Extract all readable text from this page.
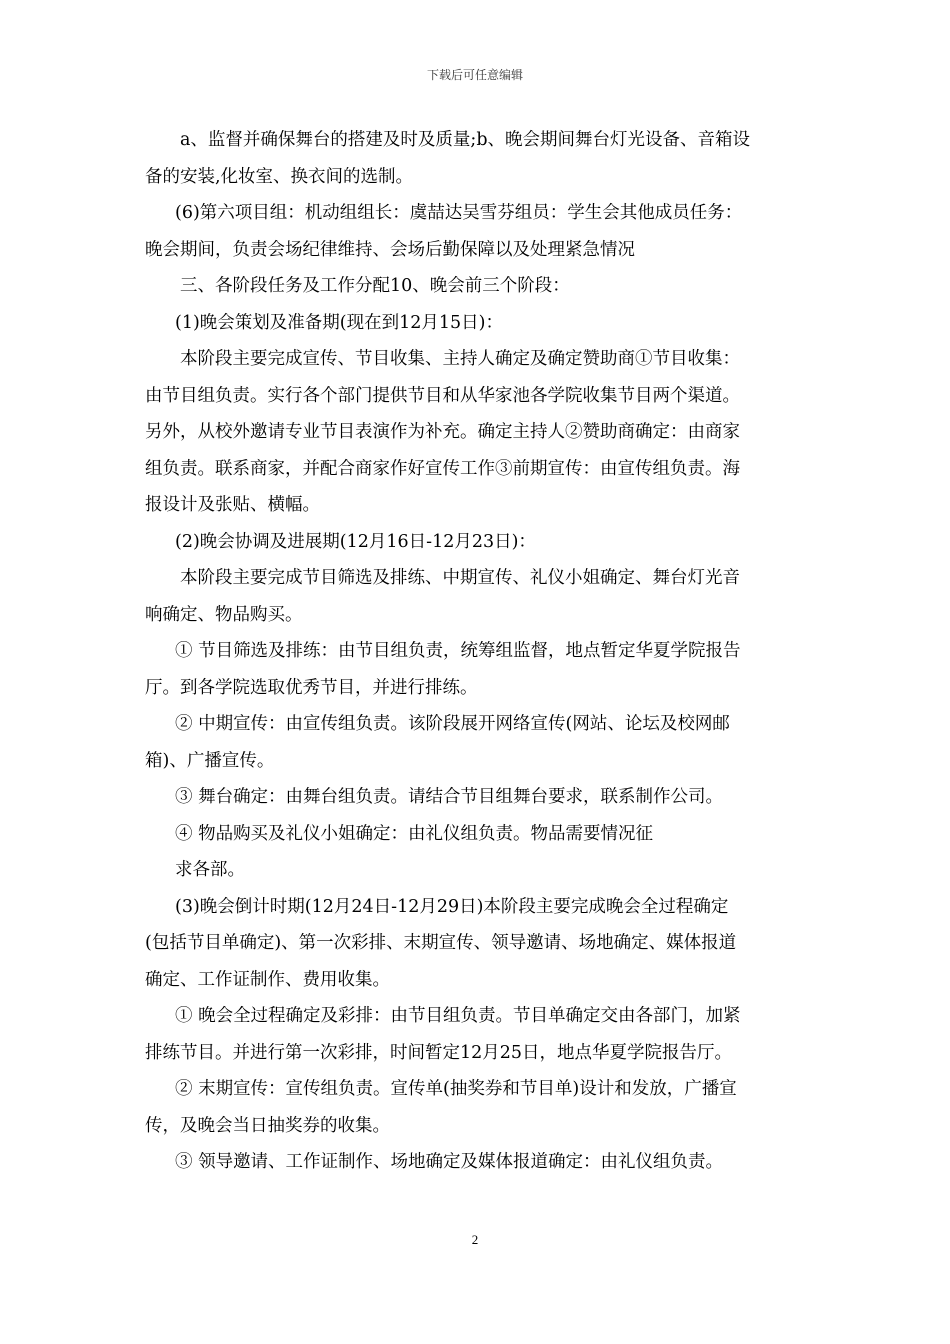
下载后可任意编辑
a、监督并确保舞台的搭建及时及质量;b、晚会期间舞台灯光设备、音箱设
备的安装,化妆室、换衣间的选制。
(6)第六项目组：机动组组长：虞喆达吴雪芬组员：学生会其他成员任务：
晚会期间，负责会场纪律维持、会场后勤保障以及处理紧急情况
三、各阶段任务及工作分配10、晚会前三个阶段：
(1)晚会策划及准备期(现在到12月15日)：
本阶段主要完成宣传、节目收集、主持人确定及确定赞助商①节目收集：
由节目组负责。实行各个部门提供节目和从华家池各学院收集节目两个渠道。
另外，从校外邀请专业节目表演作为补充。确定主持人②赞助商确定：由商家
组负责。联系商家，并配合商家作好宣传工作③前期宣传：由宣传组负责。海
报设计及张贴、横幅。
(2)晚会协调及进展期(12月16日-12月23日)：
本阶段主要完成节目筛选及排练、中期宣传、礼仪小姐确定、舞台灯光音
响确定、物品购买。
① 节目筛选及排练：由节目组负责，统筹组监督，地点暂定华夏学院报告
厅。到各学院选取优秀节目，并进行排练。
② 中期宣传：由宣传组负责。该阶段展开网络宣传(网站、论坛及校网邮
箱)、广播宣传。
③ 舞台确定：由舞台组负责。请结合节目组舞台要求，联系制作公司。
④ 物品购买及礼仪小姐确定：由礼仪组负责。物品需要情况征
求各部。
(3)晚会倒计时期(12月24日-12月29日)本阶段主要完成晚会全过程确定
(包括节目单确定)、第一次彩排、末期宣传、领导邀请、场地确定、媒体报道
确定、工作证制作、费用收集。
① 晚会全过程确定及彩排：由节目组负责。节目单确定交由各部门，加紧
排练节目。并进行第一次彩排，时间暂定12月25日，地点华夏学院报告厅。
② 末期宣传：宣传组负责。宣传单(抽奖券和节目单)设计和发放，广播宣
传，及晚会当日抽奖券的收集。
③ 领导邀请、工作证制作、场地确定及媒体报道确定：由礼仪组负责。
2
